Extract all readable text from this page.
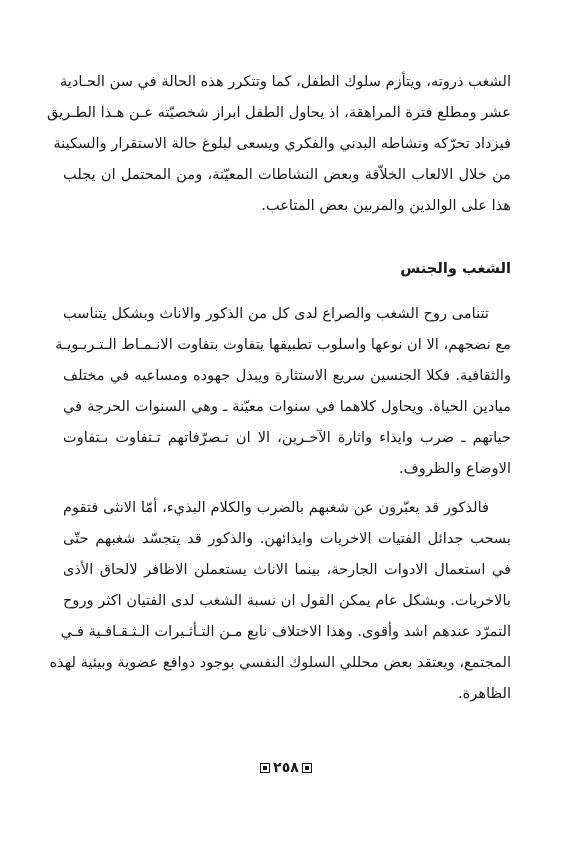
الشغب ذروته، ويتأزم سلوك الطفل، كما وتتكرر هذه الحالة في سن الحـادية
عشر ومطلع فترة المراهقة، اذ يحاول الطفل ابراز شخصيّته عـن هـذا الطـريق
فيزداد تحرّكه ونشاطه البدني والفكري ويسعى لبلوغ حالة الاستقرار والسكينة
من خلال الالعاب الخلاّقة وبعض النشاطات المعيّنة، ومن المحتمل ان يجلب
هذا على الوالدين والمربين بعض المتاعب.
الشغب والجنس
تتنامى روح الشغب والصراع لدى كل من الذكور والاناث وبشكل يتناسب
مع نضجهم، الا ان نوعها واسلوب تطبيقها يتفاوت بتفاوت الانـمـاط الـتـربـويـة
والثقافية. فكلا الجنسين سريع الاستثارة ويبذل جهوده ومساعيه في مختلف
ميادين الحياة. ويحاول كلاهما في سنوات معيّنة ـ وهي السنوات الحرجة في
حياتهم ـ ضرب وايذاء واثارة الآخـرين، الا ان تـصرّفاتهم تـتفاوت بـتفاوت
الاوضاع والظروف.
فالذكور قد يعبّرون عن شغبهم بالضرب والكلام البذيء، أمّا الانثى فتقوم
بسحب جدائل الفتيات الاخريات وايذائهن. والذكور قد يتجسّد شغبهم حتّى
في استعمال الادوات الجارحة، بينما الاناث يستعملن الاظافر لالحاق الأذى
بالاخريات. وبشكل عام يمكن القول ان نسبة الشغب لدى الفتيان اكثر وروح
التمرّد عندهم اشد وأقوى. وهذا الاختلاف نابع مـن التـأثـيرات الـثـقـافـية فـي
المجتمع، ويعتقد بعض محللي السلوك النفسي بوجود دوافع عضوية وبيئية لهذه
الظاهرة.
٢٥٨
